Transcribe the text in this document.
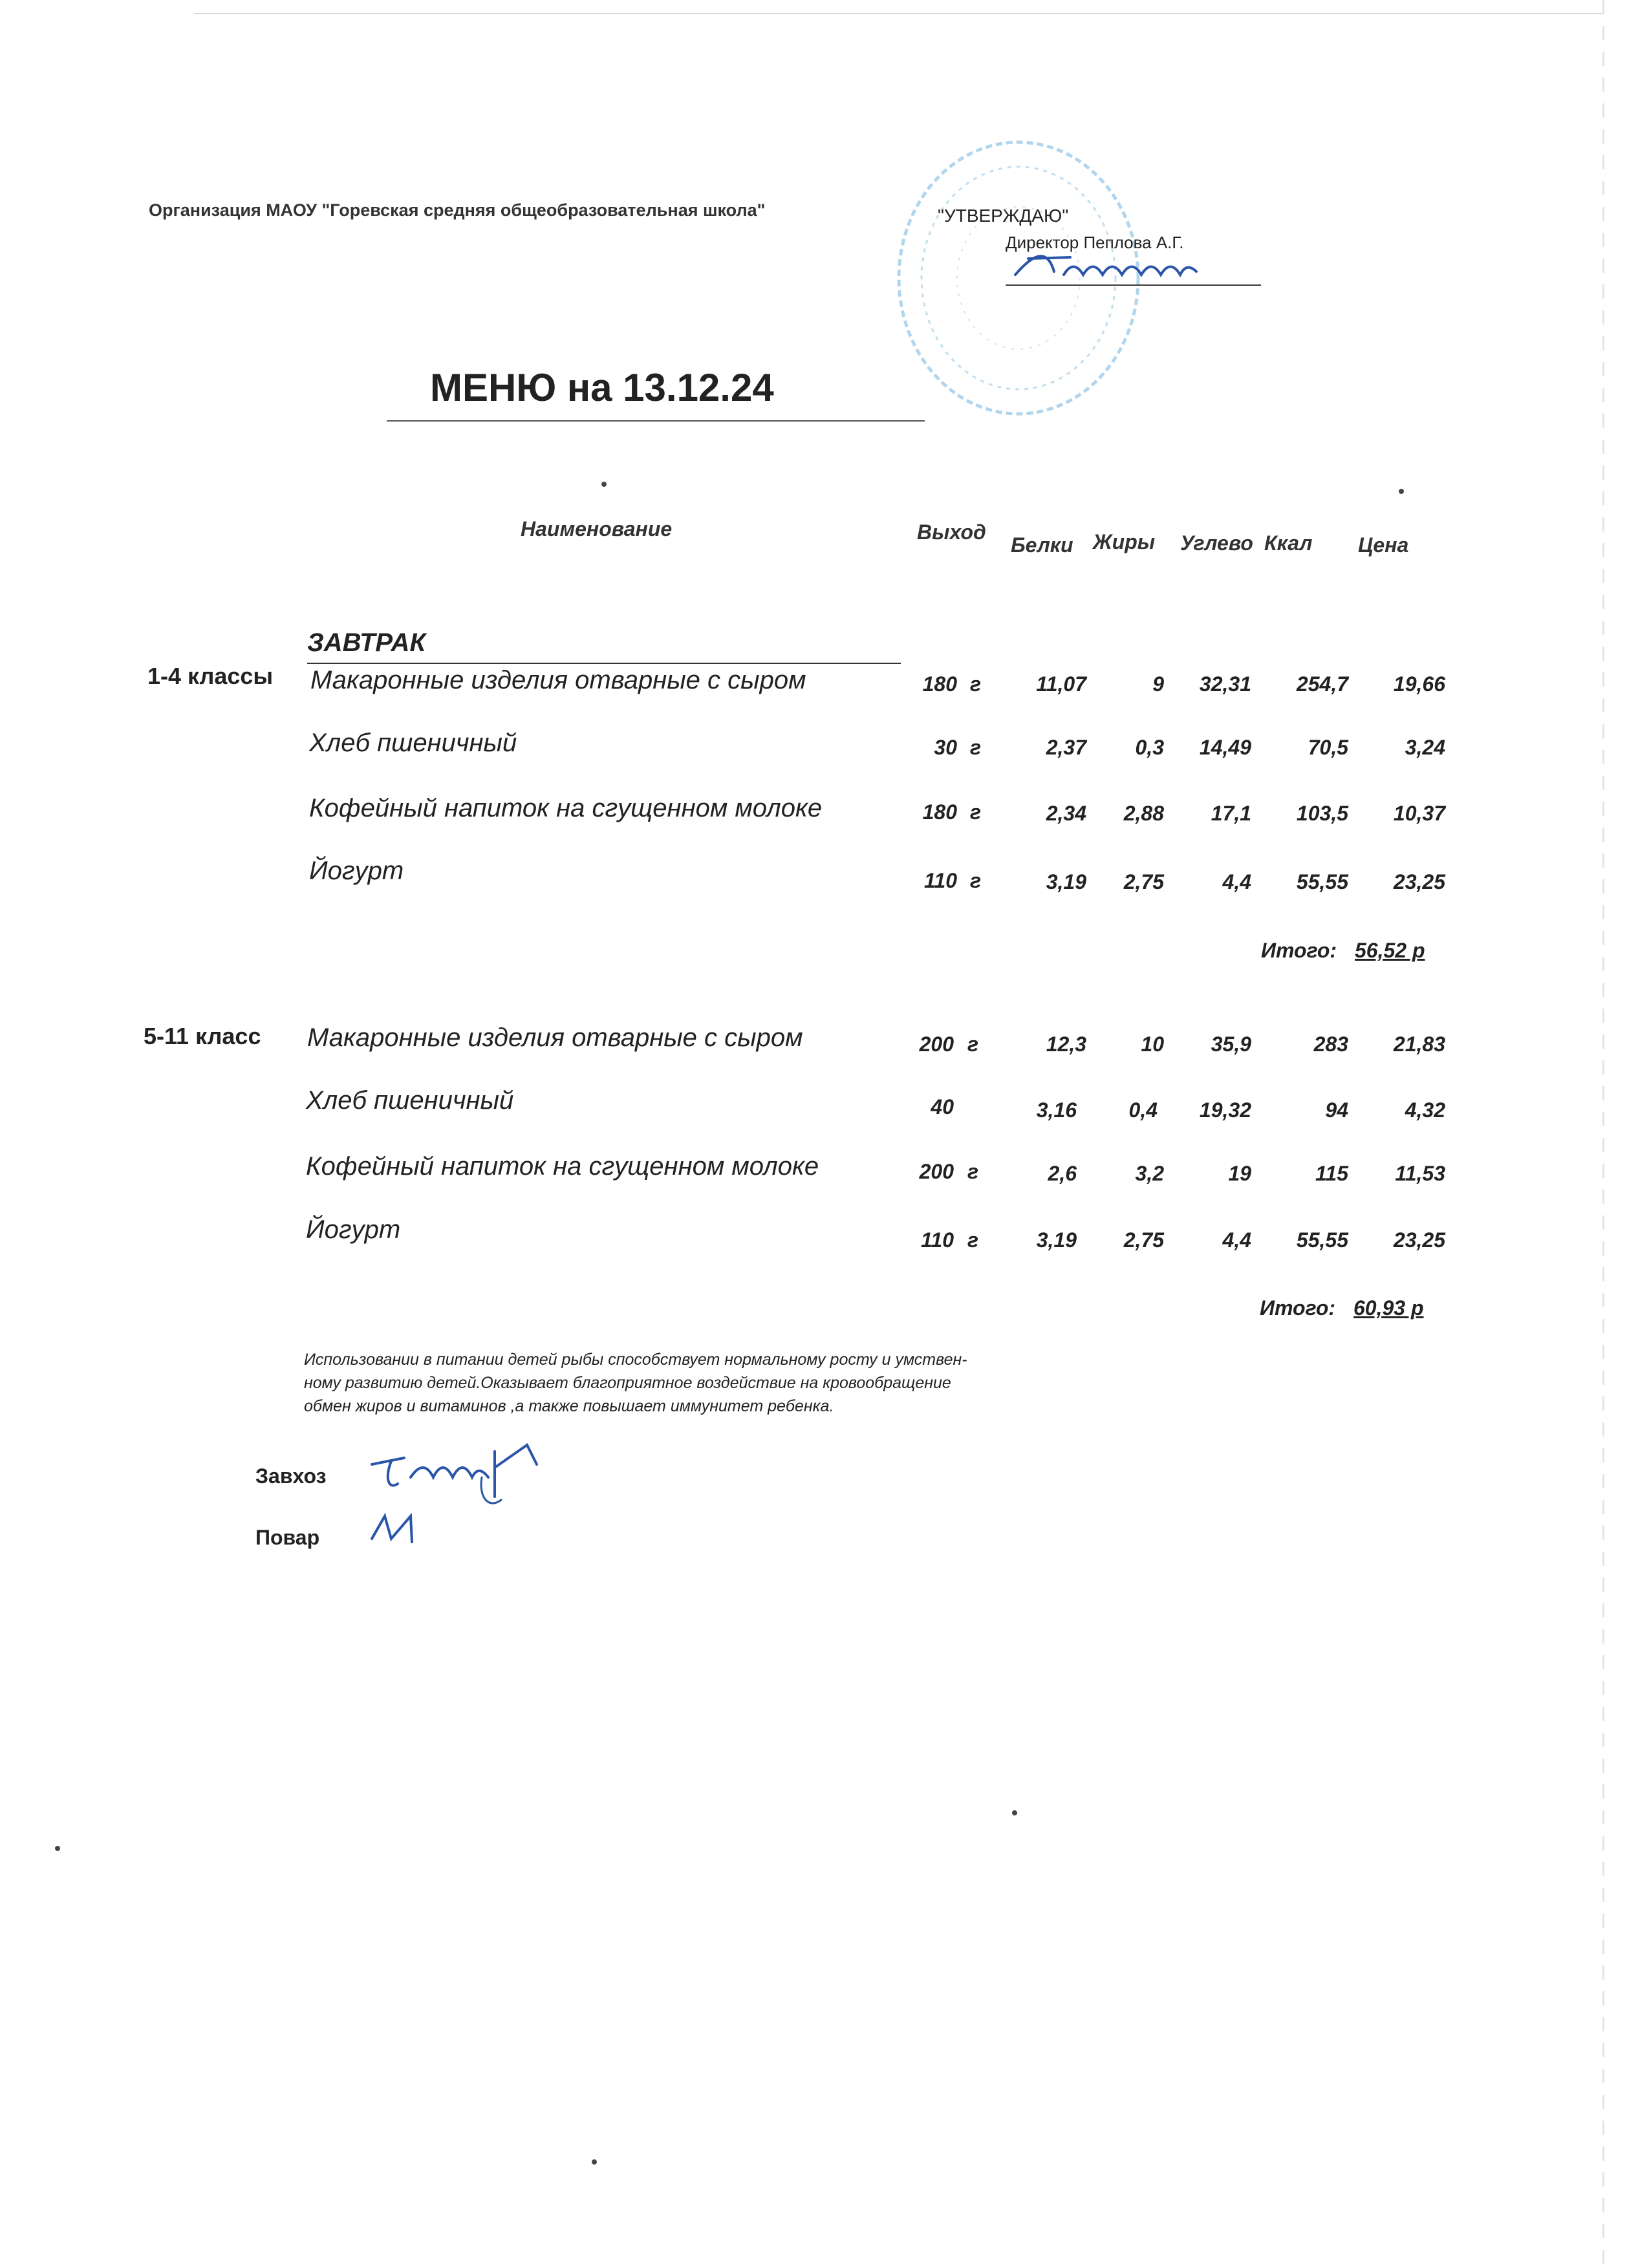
Организация МАОУ "Горевская средняя общеобразовательная школа"	"УТВЕРЖДАЮ"
Директор Пеплова А.Г.
МЕНЮ на 13.12.24
Наименование	Выход
Белки Жиры Углево Ккал Цена
ЗАВТРАК
1-4 классы Макаронные изделия отварные с сыром	180 г	11,07	9	32,31	254,7	19,66
Хлеб пшеничный	30 г	2,37	0,3	14,49	70,5	3,24
Кофейный напиток на сгущенном молоке	180 г	2,34	2,88	17,1	103,5	10,37
Йогурт	110 г	3,19	2,75	4,4	55,55	23,25
Итого: 56,52 р
5-11 класс Макаронные изделия отварные с сыром	200 г	12,3	10	35,9	283	21,83
Хлеб пшеничный	40	3,16	0,4	19,32	94	4,32
Кофейный напиток на сгущенном молоке	200 г	2,6	3,2	19	115	11,53
Йогурт	110 г	3,19	2,75	4,4	55,55	23,25
Итого: 60,93 р
Использовании в питании детей рыбы способствует нормальному росту и умствен-
ному развитию детей.Оказывает благоприятное воздействие на кровообращение
обмен жиров и витаминов ,а также повышает иммунитет ребенка.
Завхоз
Повар
